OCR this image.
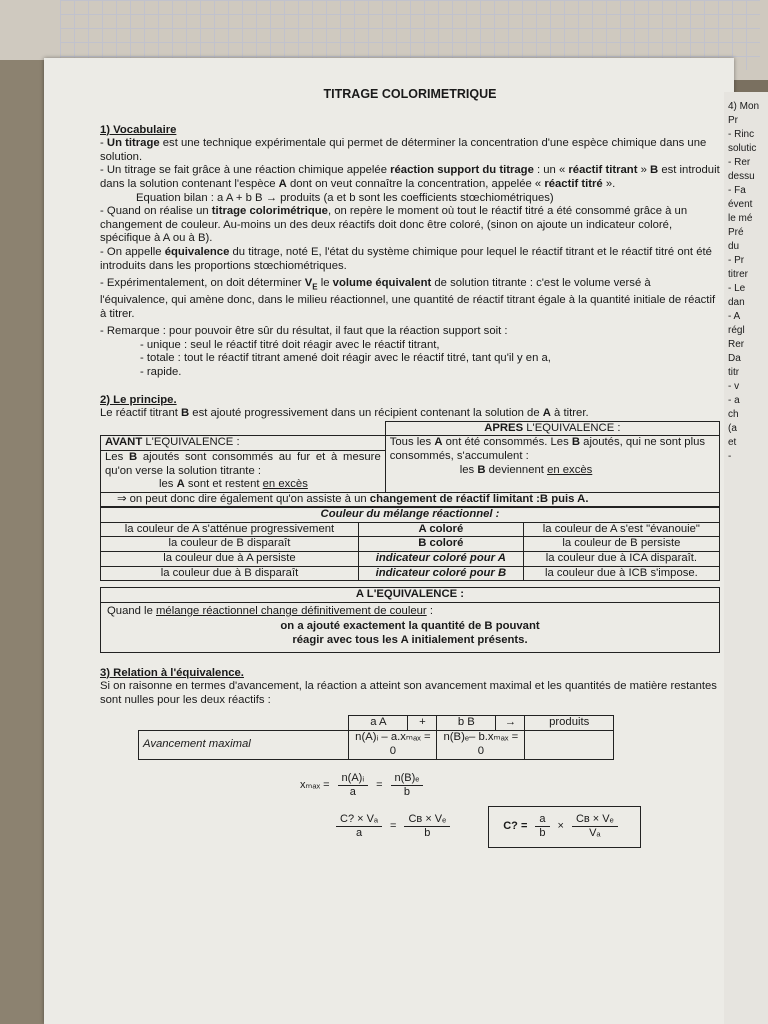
4) Mon
Pr
- Rinc
solutic
- Rer
dessu
- Fa
évent
le mé
Pré
du
- Pr
titrer
- Le
dan
- A
régl
Rer
Da
titr
- v
- a
ch
(a
et
-
TITRAGE COLORIMETRIQUE
1) Vocabulaire

- Un titrage est une technique expérimentale qui permet de déterminer la concentration d'une espèce chimique dans une solution.

- Un titrage se fait grâce à une réaction chimique appelée réaction support du titrage : un « réactif titrant » B est introduit dans la solution contenant l'espèce A dont on veut connaître la concentration, appelée « réactif titré ».

Equation bilan : a A + b B → produits (a et b sont les coefficients stœchiométriques)

- Quand on réalise un titrage colorimétrique, on repère le moment où tout le réactif titré a été consommé grâce à un changement de couleur. Au-moins un des deux réactifs doit donc être coloré, (sinon on ajoute un indicateur coloré, spécifique à A ou à B).

- On appelle équivalence du titrage, noté E, l'état du système chimique pour lequel le réactif titrant et le réactif titré ont été introduits dans les proportions stœchiométriques.

- Expérimentalement, on doit déterminer $V_E$ le volume équivalent de solution titrante : c'est le volume versé à l'équivalence, qui amène donc, dans le milieu réactionnel, une quantité de réactif titrant égale à la quantité initiale de réactif à titrer.

- Remarque : pour pouvoir être sûr du résultat, il faut que la réaction support soit :

- unique : seul le réactif titré doit réagir avec le réactif titrant,

- totale : tout le réactif titrant amené doit réagir avec le réactif titré, tant qu'il y en a,

- rapide.

2) Le principe.

Le réactif titrant B est ajouté progressivement dans un récipient contenant la solution de A à titrer.

	APRES L'EQUIVALENCE :
AVANT L'EQUIVALENCE :	Tous les A ont été consommés. Les B ajoutés, qui ne sont plus consommés, s'accumulent :
les B deviennent en excès
Les B ajoutés sont consommés au fur et à mesure qu'on verse la solution titrante :
les A sont et restent en excès	
⇒ on peut donc dire également qu'on assiste à un changement de réactif limitant :B puis A.	
Couleur du mélange réactionnel :		
la couleur de A s'atténue progressivement	A coloré	la couleur de A s'est "évanouie"
la couleur de B disparaît	B coloré	la couleur de B persiste
la couleur due à A persiste	indicateur coloré pour A	la couleur due à ICA disparaît.
la couleur due à B disparaît	indicateur coloré pour B	la couleur due à ICB s'impose.
A L'EQUIVALENCE :
Quand le mélange réactionnel change définitivement de couleur :
on a ajouté exactement la quantité de B pouvant
réagir avec tous les A initialement présents.
3) Relation à l'équivalence.

Si on raisonne en termes d'avancement, la réaction a atteint son avancement maximal et les quantités de matière restantes sont nulles pour les deux réactifs :

	a A	+	b B	→	produits
Avancement maximal	n(A)ᵢ – a.xₘₐₓ = 0		n(B)ₑ– b.xₘₐₓ = 0		
$x_{max} = \frac{\text{n(A)ᵢ}}{a} = \frac{\text{n(B)ₑ}}{b}$
$\frac{\text{C? × Vₐ}}{a} = \frac{\text{Cʙ × Vₑ}}{b}$	C? = $\frac{a}{b} \times \frac{\text{Cʙ × Vₑ}}{\text{Vₐ}}$
